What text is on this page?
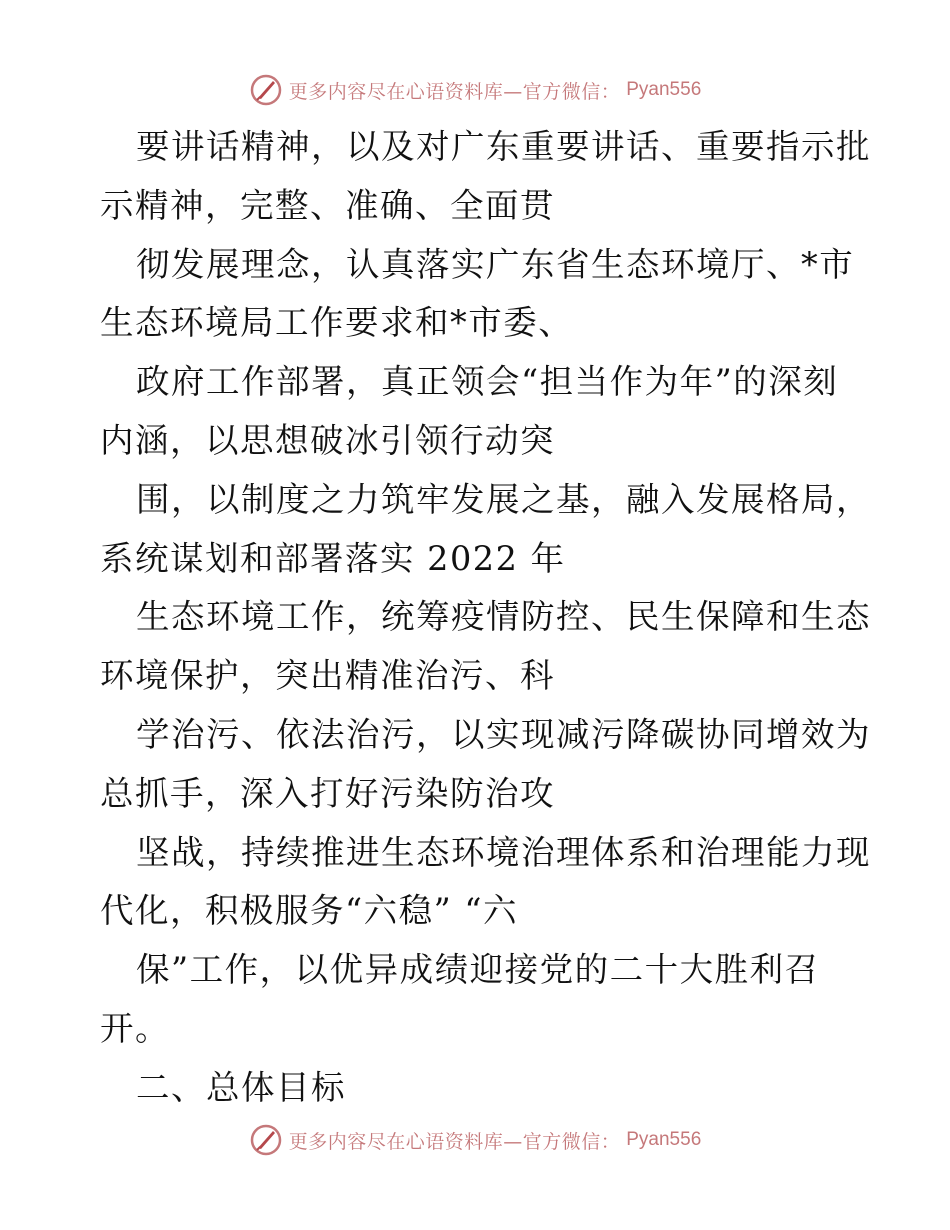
更多内容尽在心语资料库—官方微信： Pyan556
要讲话精神，以及对广东重要讲话、重要指示批
示精神，完整、准确、全面贯
彻发展理念，认真落实广东省生态环境厅、*市
生态环境局工作要求和*市委、
政府工作部署，真正领会“担当作为年”的深刻
内涵，以思想破冰引领行动突
围，以制度之力筑牢发展之基，融入发展格局，
系统谋划和部署落实 2022 年
生态环境工作，统筹疫情防控、民生保障和生态
环境保护，突出精准治污、科
学治污、依法治污，以实现减污降碳协同增效为
总抓手，深入打好污染防治攻
坚战，持续推进生态环境治理体系和治理能力现
代化，积极服务“六稳” “六
保”工作，以优异成绩迎接党的二十大胜利召
开。
二、总体目标
更多内容尽在心语资料库—官方微信： Pyan556
